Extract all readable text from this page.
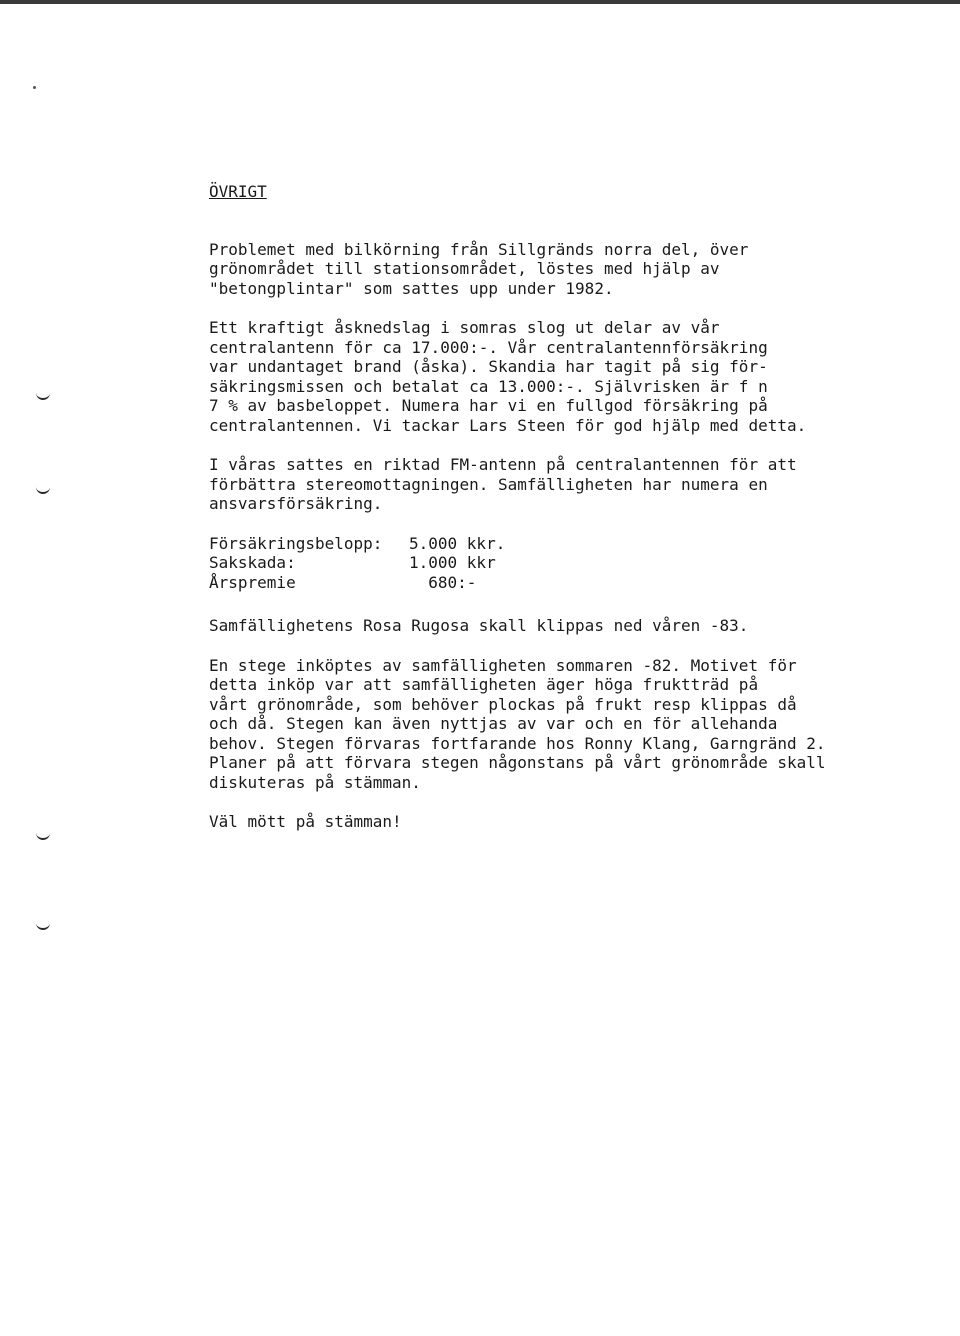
ÖVRIGT
Problemet med bilkörning från Sillgränds norra del, över
grönområdet till stationsområdet, löstes med hjälp av
"betongplintar" som sattes upp under 1982.
Ett kraftigt åsknedslag i somras slog ut delar av vår
centralantenn för ca 17.000:-. Vår centralantennförsäkring
var undantaget brand (åska). Skandia har tagit på sig för-
säkringsmissen och betalat ca 13.000:-. Självrisken är f n
7 % av basbeloppet. Numera har vi en fullgod försäkring på
centralantennen. Vi tackar Lars Steen för god hjälp med detta.
I våras sattes en riktad FM-antenn på centralantennen för att
förbättra stereomottagningen. Samfälligheten har numera en
ansvarsförsäkring.
Försäkringsbelopp:	5.000 kkr.
Sakskada:	1.000 kkr
Årspremie	680:-
Samfällighetens Rosa Rugosa skall klippas ned våren -83.
En stege inköptes av samfälligheten sommaren -82. Motivet för
detta inköp var att samfälligheten äger höga fruktträd på
vårt grönområde, som behöver plockas på frukt resp klippas då
och då. Stegen kan även nyttjas av var och en för allehanda
behov. Stegen förvaras fortfarande hos Ronny Klang, Garngränd 2.
Planer på att förvara stegen någonstans på vårt grönområde skall
diskuteras på stämman.
Väl mött på stämman!
